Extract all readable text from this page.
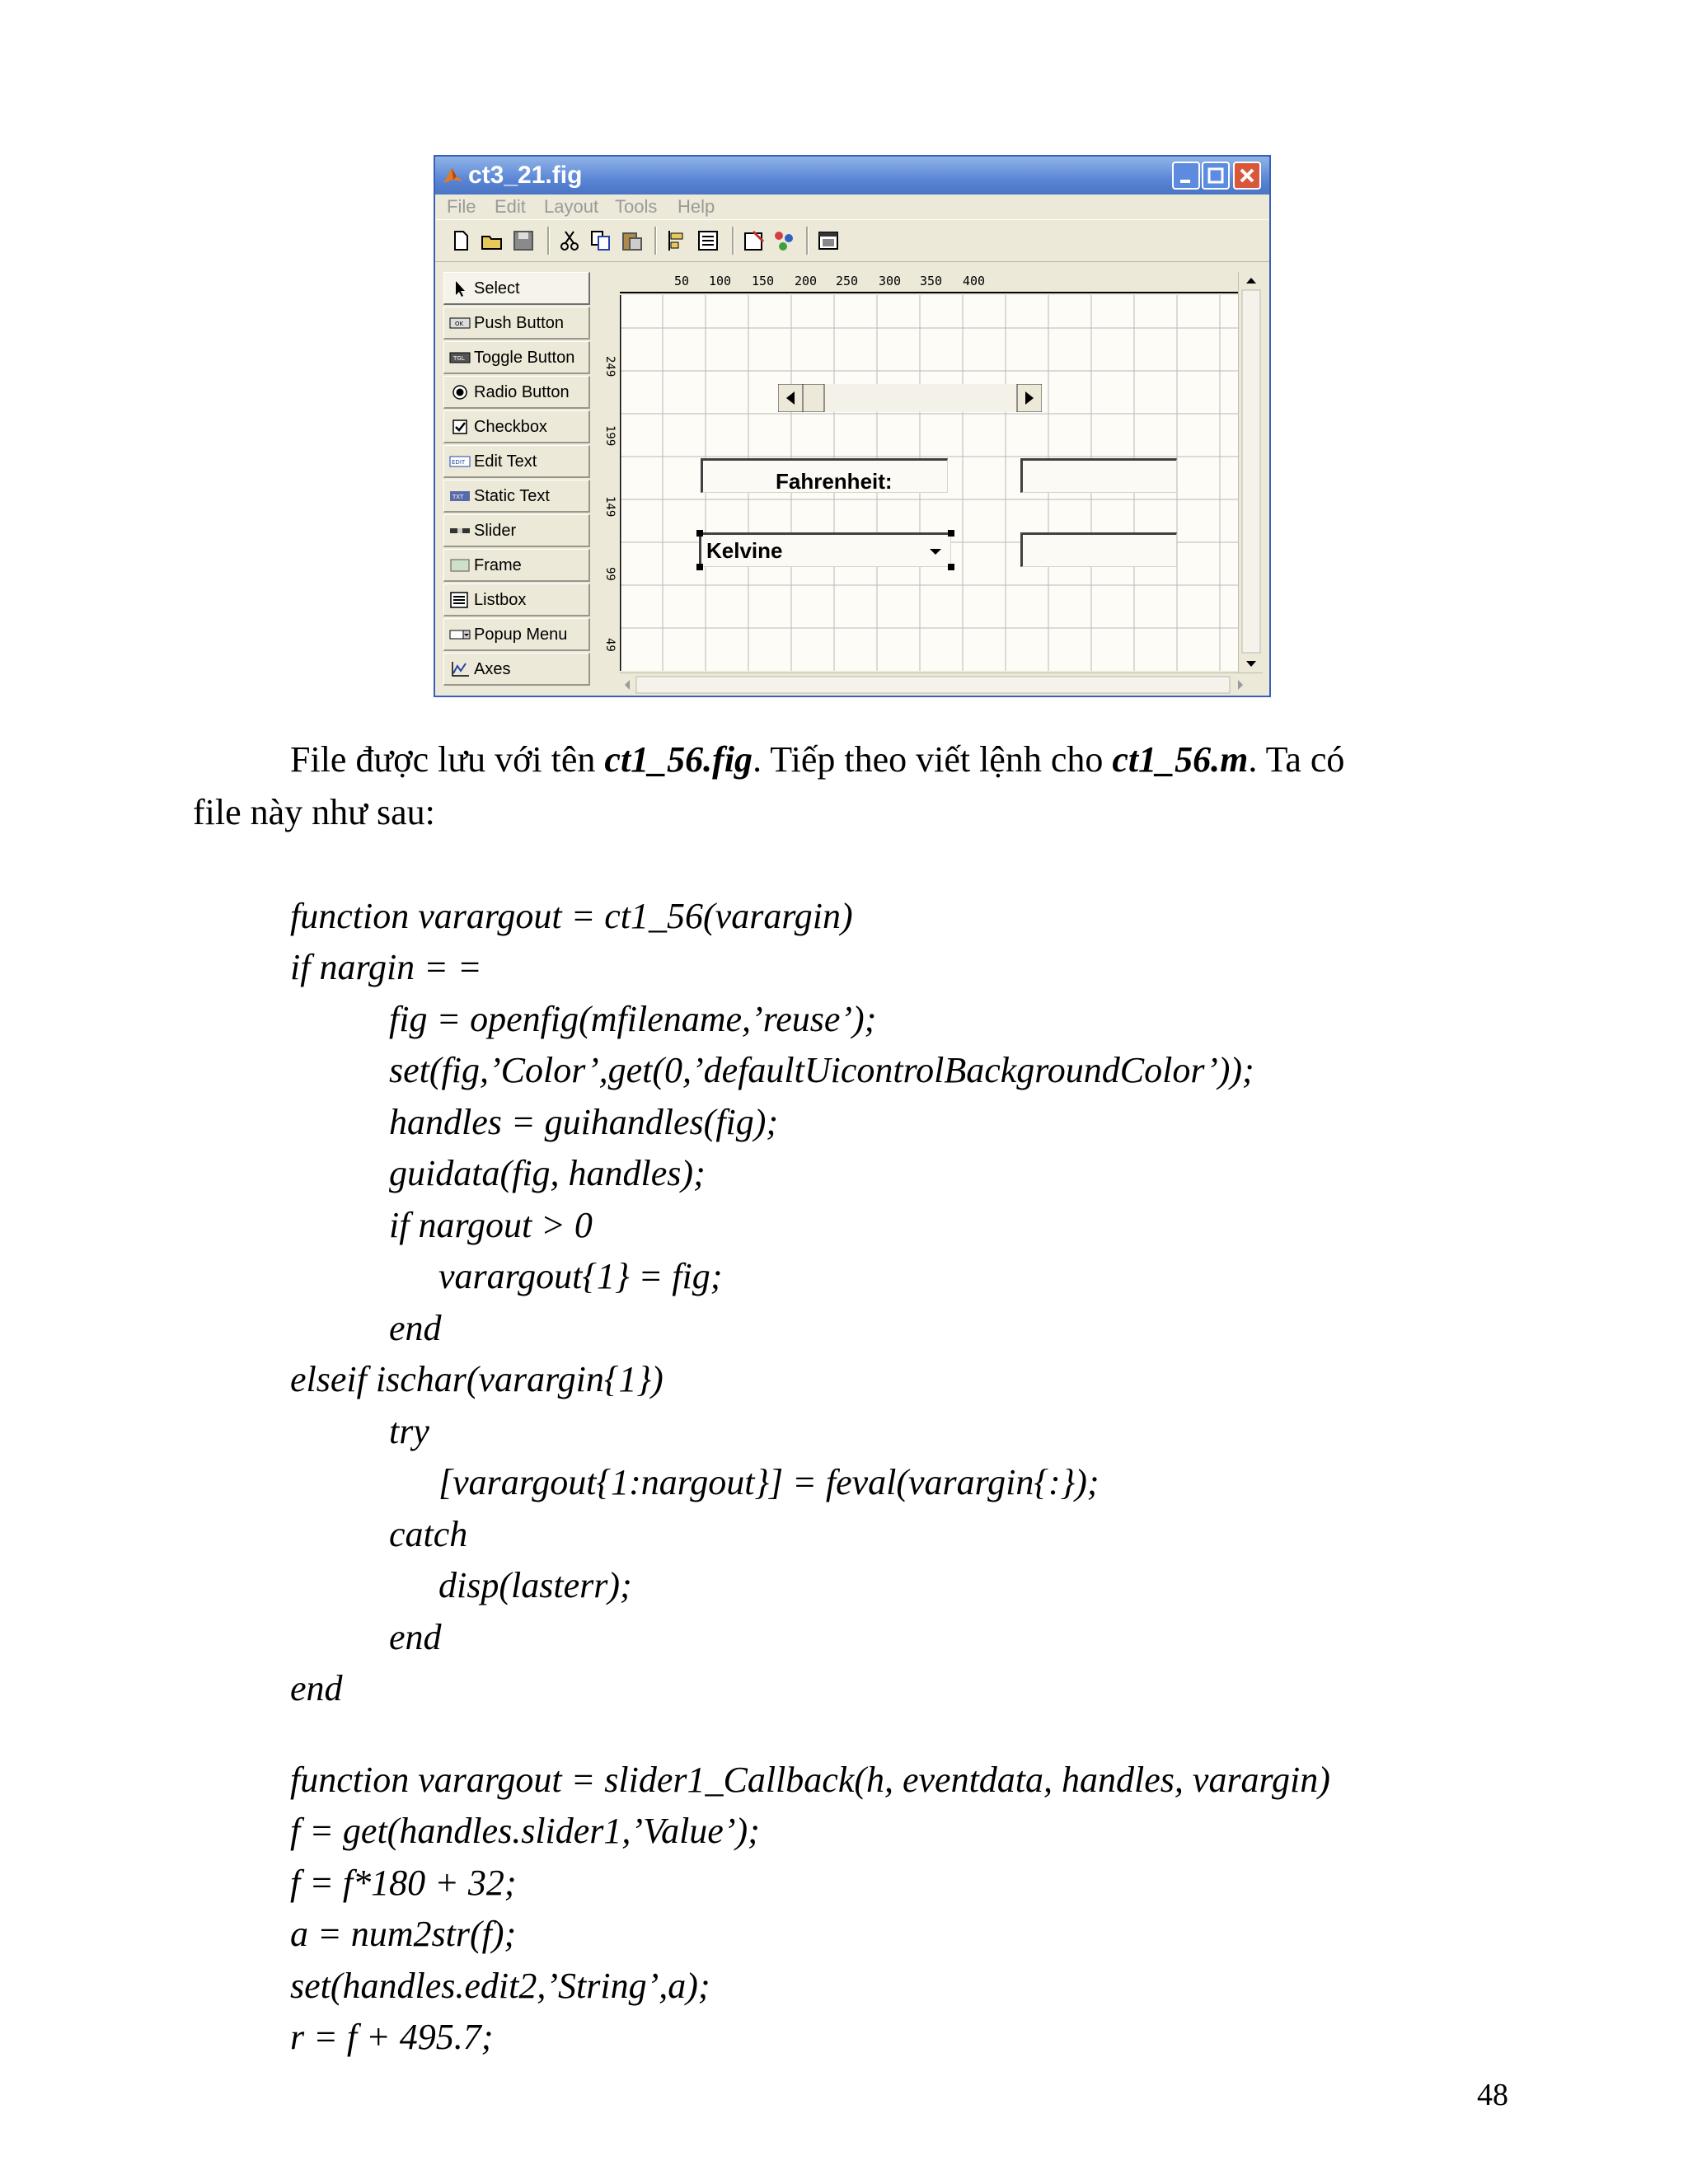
ct3_21.fig
File Edit Layout Tools Help
Select
OK Push Button
TGL Toggle Button
Radio Button
Checkbox
EDIT Edit Text
TXT Static Text
Slider
Frame
Listbox
Popup Menu
Axes
50 100 150 200 250 300 350 400
249
199
149
99
49
Fahrenheit:
Kelvine
File được lưu với tên ct1_56.fig. Tiếp theo viết lệnh cho ct1_56.m. Ta có
file này như sau:
function varargout = ct1_56(varargin)
if nargin = =
fig = openfig(mfilename,’reuse’);
set(fig,’Color’,get(0,’defaultUicontrolBackgroundColor’));
handles = guihandles(fig);
guidata(fig, handles);
if nargout > 0
varargout{1} = fig;
end
elseif ischar(varargin{1})
try
[varargout{1:nargout}] = feval(varargin{:});
catch
disp(lasterr);
end
end
function varargout = slider1_Callback(h, eventdata, handles, varargin)
f = get(handles.slider1,’Value’);
f = f*180 + 32;
a = num2str(f);
set(handles.edit2,’String’,a);
r = f + 495.7;
48
